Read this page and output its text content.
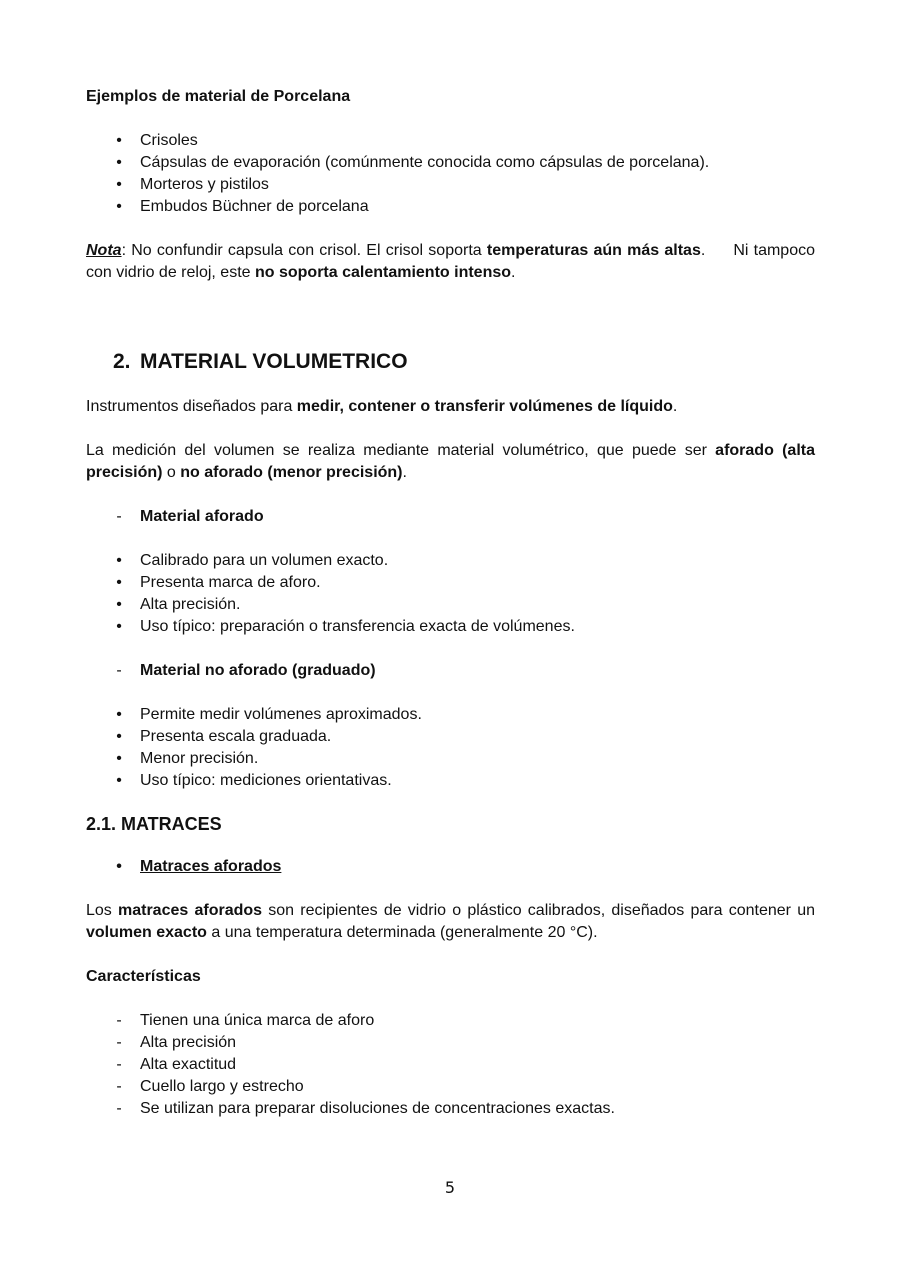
Ejemplos de material de Porcelana

• Crisoles
• Cápsulas de evaporación (comúnmente conocida como cápsulas de porcelana).
• Morteros y pistilos
• Embudos Büchner de porcelana

Nota: No confundir capsula con crisol. El crisol soporta temperaturas aún más altas. Ni tampoco con vidrio de reloj, este no soporta calentamiento intenso.

2. MATERIAL VOLUMETRICO

Instrumentos diseñados para medir, contener o transferir volúmenes de líquido.

La medición del volumen se realiza mediante material volumétrico, que puede ser aforado (alta precisión) o no aforado (menor precisión).

- Material aforado
• Calibrado para un volumen exacto.
• Presenta marca de aforo.
• Alta precisión.
• Uso típico: preparación o transferencia exacta de volúmenes.
- Material no aforado (graduado)
• Permite medir volúmenes aproximados.
• Presenta escala graduada.
• Menor precisión.
• Uso típico: mediciones orientativas.
2.1. MATRACES
• Matraces aforados

Los matraces aforados son recipientes de vidrio o plástico calibrados, diseñados para contener un volumen exacto a una temperatura determinada (generalmente 20 °C).

Características

- Tienen una única marca de aforo
- Alta precisión
- Alta exactitud
- Cuello largo y estrecho
- Se utilizan para preparar disoluciones de concentraciones exactas.
5
